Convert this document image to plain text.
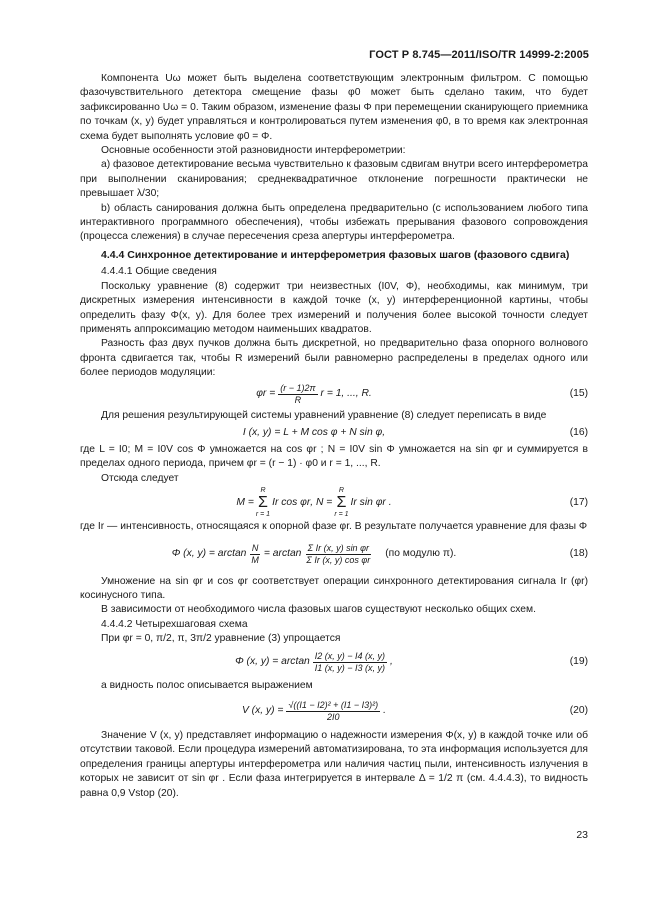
ГОСТ Р 8.745—2011/ISO/TR 14999-2:2005

Компонента Uω может быть выделена соответствующим электронным фильтром. С помощью фазочувствительного детектора смещение фазы φ0 может быть сделано таким, что будет зафиксированно Uω = 0. Таким образом, изменение фазы Φ при перемещении сканирующего приемника по точкам (x, y) будет управляться и контролироваться путем изменения φ0, в то время как электронная схема будет выполнять условие φ0 = Φ.

Основные особенности этой разновидности интерферометрии:

a) фазовое детектирование весьма чувствительно к фазовым сдвигам внутри всего интерферометра при выполнении сканирования; среднеквадратичное отклонение погрешности практически не превышает λ/30;

b) область санирования должна быть определена предварительно (с использованием любого типа интерактивного программного обеспечения), чтобы избежать прерывания фазового сопровождения (процесса слежения) в случае пересечения среза апертуры интерферометра.

4.4.4 Синхронное детектирование и интерферометрия фазовых шагов (фазового сдвига)

4.4.4.1 Общие сведения

Поскольку уравнение (8) содержит три неизвестных (I0V, Φ), необходимы, как минимум, три дискретных измерения интенсивности в каждой точке (x, y) интерференционной картины, чтобы определить фазу Φ(x, y). Для более трех измерений и получения более высокой точности следует применять аппроксимацию методом наименьших квадратов.

Разность фаз двух пучков должна быть дискретной, но предварительно фаза опорного волнового фронта сдвигается так, чтобы R измерений были равномерно распределены в пределах одного или более периодов модуляции:

$\varphi r = \frac{(r - 1)2\pi}{R}$ r = 1, ..., R.	(15)

Для решения результирующей системы уравнений уравнение (8) следует переписать в виде

I (x, y) = L + M cos φ + N sin φ,	(16)

где L = I0; M = I0V cos Φ умножается на cos φr ; N = I0V sin Φ умножается на sin φr и суммируется в пределах одного периода, причем φr = (r − 1) · φ0 и r = 1, ..., R.

Отсюда следует

M =
R
Σ
r = 1
Ir cos φr , N =
R
Σ
r = 1
Ir sin φr .	(17)

где Ir — интенсивность, относящаяся к опорной фазе φr. В результате получается уравнение для фазы Φ

Φ (x, $y) = \arctan \frac{N}{M} = \arctan \frac{\text{Σ Ir (x, y) sin φr}}{\text{Σ Ir (x, y) cos φr}} (по$ модулю π).	(18)

Умножение на sin φr и cos φr соответствует операции синхронного детектирования сигнала Ir (φr) косинусного типа.

В зависимости от необходимого числа фазовых шагов существуют несколько общих схем.

4.4.4.2 Четырехшаговая схема

При φr = 0, π/2, π, 3π/2 уравнение (3) упрощается

Φ (x, $y) = \arctan \frac{I2 (x, y) - I4 (x, y)}{I1 (x, y) - I3 (x, y)}$ ,	(19)

а видность полос описывается выражением

V (x, $y) = \frac{\text{√((I1 − I2)² + (I1 − I3)²)}}{2I0}$ .	(20)

Значение V (x, y) представляет информацию о надежности измерения Φ(x, y) в каждой точке или об отсутствии таковой. Если процедура измерений автоматизирована, то эта информация используется для определения границы апертуры интерферометра или наличия частиц пыли, интенсивность излучения в которых не зависит от sin φr . Если фаза интегрируется в интервале Δ = 1/2 π (см. 4.4.4.3), то видность равна 0,9 Vstop (20).

23
